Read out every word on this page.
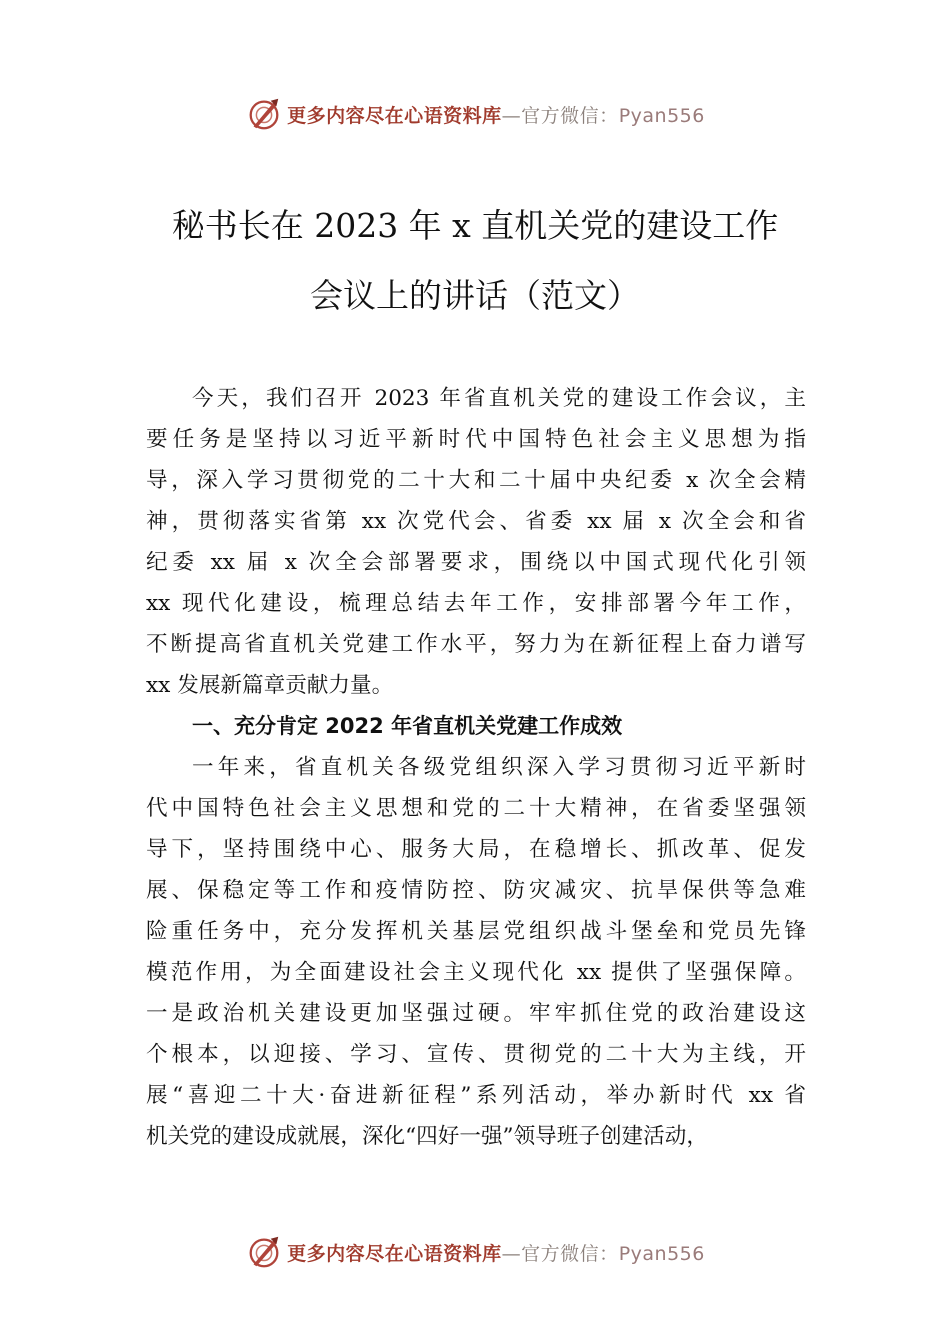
更多内容尽在心语资料库—官方微信：Pyan556
秘书长在 2023 年 x 直机关党的建设工作
会议上的讲话（范文）
今天，我们召开 2023 年省直机关党的建设工作会议，主
要任务是坚持以习近平新时代中国特色社会主义思想为指
导，深入学习贯彻党的二十大和二十届中央纪委 x 次全会精
神，贯彻落实省第 xx 次党代会、省委 xx 届 x 次全会和省
纪委 xx 届 x 次全会部署要求，围绕以中国式现代化引领
xx 现代化建设，梳理总结去年工作，安排部署今年工作，
不断提高省直机关党建工作水平，努力为在新征程上奋力谱写
xx 发展新篇章贡献力量。
一、充分肯定 2022 年省直机关党建工作成效
一年来，省直机关各级党组织深入学习贯彻习近平新时
代中国特色社会主义思想和党的二十大精神，在省委坚强领
导下，坚持围绕中心、服务大局，在稳增长、抓改革、促发
展、保稳定等工作和疫情防控、防灾减灾、抗旱保供等急难
险重任务中，充分发挥机关基层党组织战斗堡垒和党员先锋
模范作用，为全面建设社会主义现代化 xx 提供了坚强保障。
一是政治机关建设更加坚强过硬。牢牢抓住党的政治建设这
个根本，以迎接、学习、宣传、贯彻党的二十大为主线，开
展“喜迎二十大·奋进新征程”系列活动，举办新时代 xx 省
机关党的建设成就展，深化“四好一强”领导班子创建活动，
更多内容尽在心语资料库—官方微信：Pyan556
